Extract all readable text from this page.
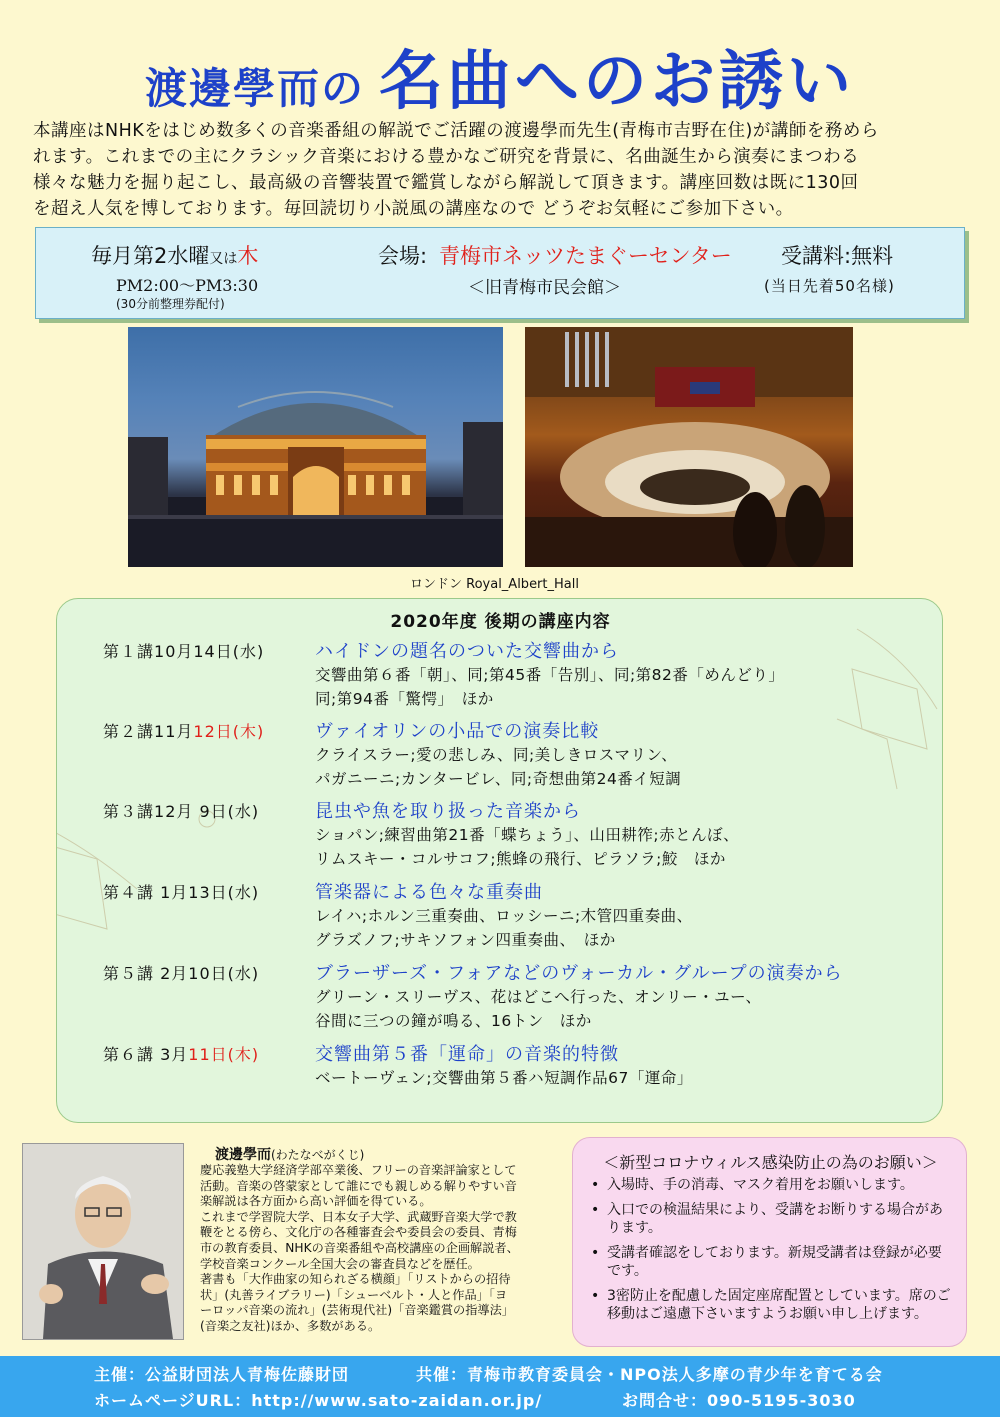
渡邊學而の 名曲へのお誘い
本講座はNHKをはじめ数多くの音楽番組の解説でご活躍の渡邊學而先生(青梅市吉野在住)が講師を務めら
れます。これまでの主にクラシック音楽における豊かなご研究を背景に、名曲誕生から演奏にまつわる
様々な魅力を掘り起こし、最高級の音響装置で鑑賞しながら解説して頂きます。講座回数は既に130回
を超え人気を博しております。毎回読切り小説風の講座なので どうぞお気軽にご参加下さい。
毎月第2水曜又は木
PM2:00～PM3:30
(30分前整理券配付)
会場: 青梅市ネッツたまぐーセンター
＜旧青梅市民会館＞
受講料:無料
(当日先着50名様)
ロンドン Royal_Albert_Hall
2020年度 後期の講座内容
第１講10月14日(水)	ハイドンの題名のついた交響曲から
交響曲第６番「朝」、同;第45番「告別」、同;第82番「めんどり」
同;第94番「驚愕」　ほか
第２講11月12日(木)	ヴァイオリンの小品での演奏比較
クライスラー;愛の悲しみ、同;美しきロスマリン、
パガニーニ;カンタービレ、同;奇想曲第24番イ短調
第３講12月 9日(水)	昆虫や魚を取り扱った音楽から
ショパン;練習曲第21番「蝶ちょう」、山田耕筰;赤とんぼ、
リムスキー・コルサコフ;熊蜂の飛行、ピラソラ;鮫　ほか
第４講 1月13日(水)	管楽器による色々な重奏曲
レイハ;ホルン三重奏曲、ロッシーニ;木管四重奏曲、
グラズノフ;サキソフォン四重奏曲、　ほか
第５講 2月10日(水)	ブラーザーズ・フォアなどのヴォーカル・グループの演奏から
グリーン・スリーヴス、花はどこへ行った、オンリー・ユー、
谷間に三つの鐘が鳴る、16トン　ほか
第６講 3月11日(木)	交響曲第５番「運命」の音楽的特徴
ベートーヴェン;交響曲第５番ハ短調作品67「運命」
渡邊學而(わたなべがくじ)

慶応義塾大学経済学部卒業後、フリーの音楽評論家として

活動。音楽の啓蒙家として誰にでも親しめる解りやすい音

楽解説は各方面から高い評価を得ている。

これまで学習院大学、日本女子大学、武蔵野音楽大学で教

鞭をとる傍ら、文化庁の各種審査会や委員会の委員、青梅

市の教育委員、NHKの音楽番組や高校講座の企画解説者、

学校音楽コンクール全国大会の審査員などを歴任。

著書も「大作曲家の知られざる横顔」「リストからの招待

状」(丸善ライブラリー)「シューベルト・人と作品」「ヨ

ーロッパ音楽の流れ」(芸術現代社)「音楽鑑賞の指導法」

(音楽之友社)ほか、多数がある。

＜新型コロナウィルス感染防止の為のお願い＞
• 入場時、手の消毒、マスク着用をお願いします。
• 入口での検温結果により、受講をお断りする場合があります。
• 受講者確認をしております。新規受講者は登録が必要です。
• 3密防止を配慮した固定座席配置としています。席のご移動はご遠慮下さいますようお願い申し上げます。
主催：公益財団法人青梅佐藤財団	共催：青梅市教育委員会・NPO法人多摩の青少年を育てる会
ホームページURL：http://www.sato-zaidan.or.jp/	お問合せ：090-5195-3030
